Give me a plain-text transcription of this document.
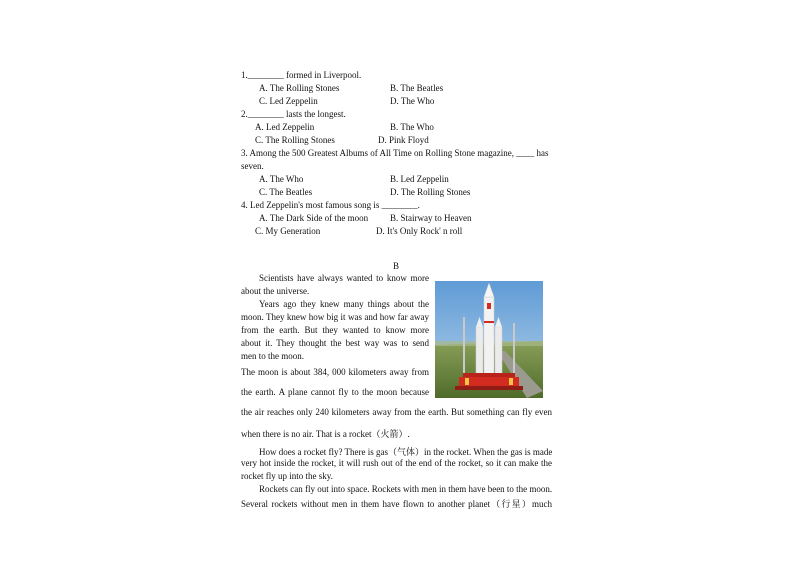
1.________ formed in Liverpool.
A. The Rolling Stones	B. The Beatles
C. Led Zeppelin	D. The Who
2.________ lasts the longest.
A. Led Zeppelin	B. The Who
C. The Rolling Stones	D. Pink Floyd
3. Among the 500 Greatest Albums of All Time on Rolling Stone magazine, ____ has
seven.
A. The Who	B. Led Zeppelin
C. The Beatles	D. The Rolling Stones
4. Led Zeppelin's most famous song is ________.
A. The Dark Side of the moon B. Stairway to Heaven
C. My Generation	D. It's Only Rock' n roll
B
Scientists have always wanted to know more
about the universe.
Years ago they knew many things about the
moon. They knew how big it was and how far away
from the earth. But they wanted to know more
about it. They thought the best way was to send
men to the moon.
The moon is about 384, 000 kilometers away from
the earth. A plane cannot fly to the moon because
the air reaches only 240 kilometers away from the earth. But something can fly even
when there is no air. That is a rocket（火箭）.
How does a rocket fly? There is gas（气体）in the rocket. When the gas is made
very hot inside the rocket, it will rush out of the end of the rocket, so it can make the
rocket fly up into the sky.
Rockets can fly out into space. Rockets with men in them have been to the moon.
Several rockets without men in them have flown to another planet（行星）much
